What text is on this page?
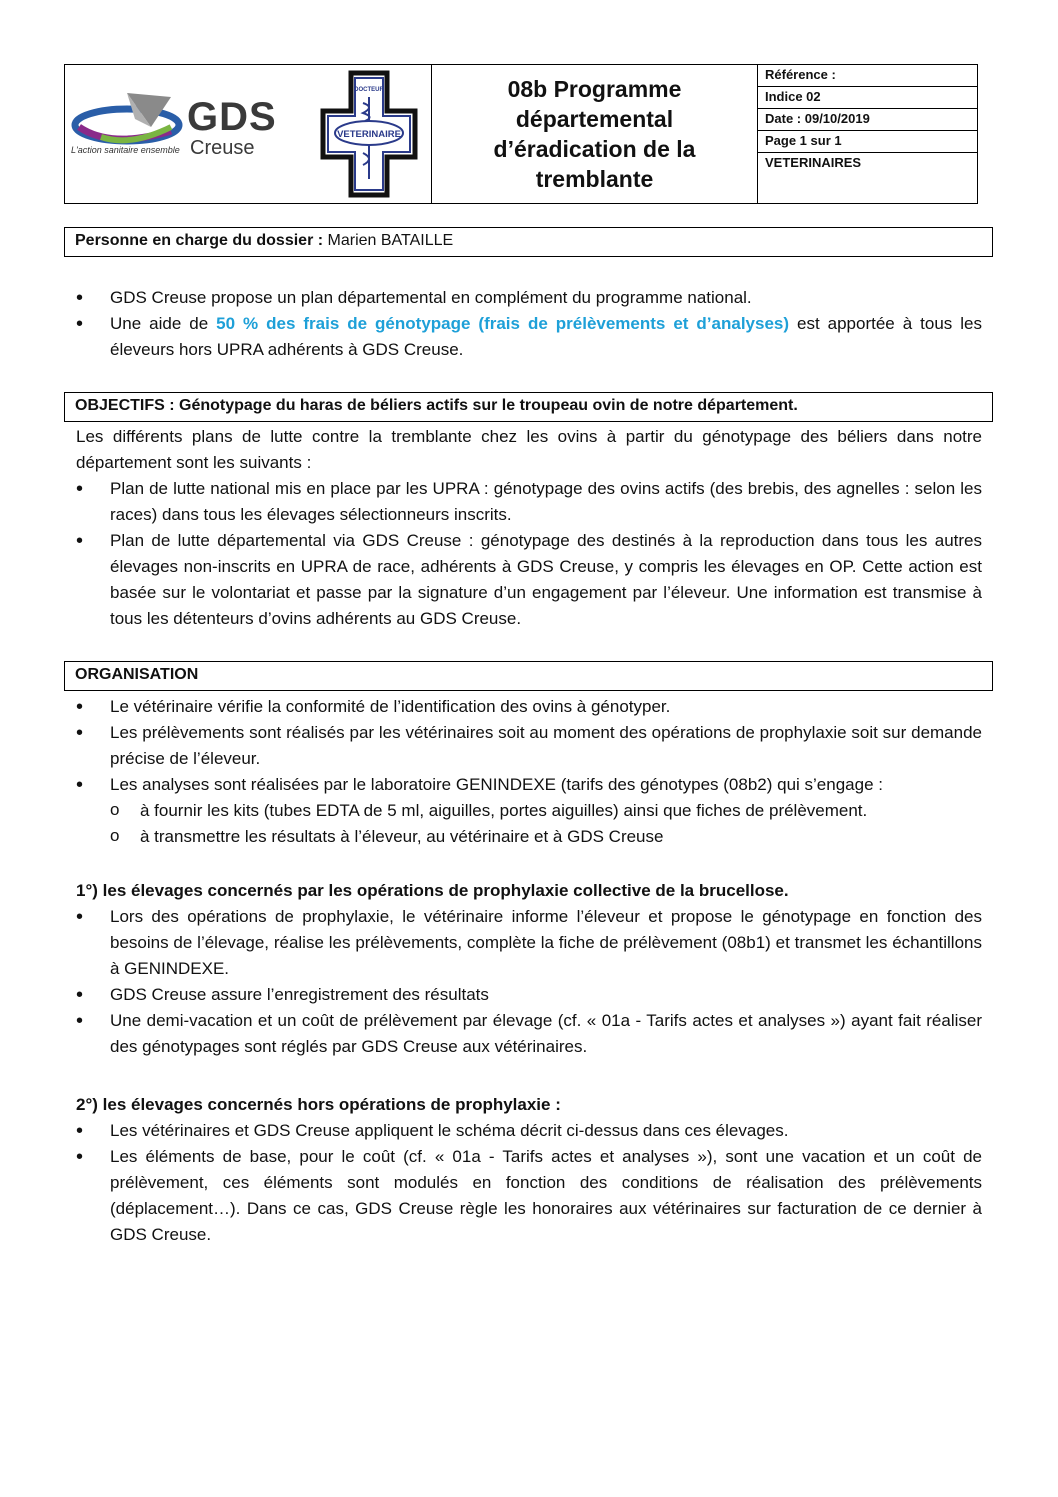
GDS
Creuse
L'action sanitaire ensemble
VETERINAIRE
DOCTEUR	08b Programme
départemental
d’éradication de la
tremblante
Référence :
Indice 02
Date : 09/10/2019
Page 1 sur 1
VETERINAIRES
Personne en charge du dossier : Marien BATAILLE
• GDS Creuse propose un plan départemental en complément du programme national.
• Une aide de 50 % des frais de génotypage (frais de prélèvements et d’analyses) est apportée à tous les éleveurs hors UPRA adhérents à GDS Creuse.
OBJECTIFS : Génotypage du haras de béliers actifs sur le troupeau ovin de notre département.

Les différents plans de lutte contre la tremblante chez les ovins à partir du génotypage des béliers dans notre département sont les suivants :

• Plan de lutte national mis en place par les UPRA : génotypage des ovins actifs (des brebis, des agnelles : selon les races) dans tous les élevages sélectionneurs inscrits.
• Plan de lutte départemental via GDS Creuse : génotypage des destinés à la reproduction dans tous les autres élevages non-inscrits en UPRA de race, adhérents à GDS Creuse, y compris les élevages en OP. Cette action est basée sur le volontariat et passe par la signature d’un engagement par l’éleveur. Une information est transmise à tous les détenteurs d’ovins adhérents au GDS Creuse.
ORGANISATION
• Le vétérinaire vérifie la conformité de l’identification des ovins à génotyper.
• Les prélèvements sont réalisés par les vétérinaires soit au moment des opérations de prophylaxie soit sur demande précise de l’éleveur.
• Les analyses sont réalisées par le laboratoire GENINDEXE (tarifs des génotypes (08b2) qui s’engage :
o à fournir les kits (tubes EDTA de 5 ml, aiguilles, portes aiguilles) ainsi que fiches de prélèvement.
o à transmettre les résultats à l’éleveur, au vétérinaire et à GDS Creuse

1°) les élevages concernés par les opérations de prophylaxie collective de la brucellose.

• Lors des opérations de prophylaxie, le vétérinaire informe l’éleveur et propose le génotypage en fonction des besoins de l’élevage, réalise les prélèvements, complète la fiche de prélèvement (08b1) et transmet les échantillons à GENINDEXE.
• GDS Creuse assure l’enregistrement des résultats
• Une demi-vacation et un coût de prélèvement par élevage (cf. « 01a - Tarifs actes et analyses ») ayant fait réaliser des génotypages sont réglés par GDS Creuse aux vétérinaires.

2°) les élevages concernés hors opérations de prophylaxie :

• Les vétérinaires et GDS Creuse appliquent le schéma décrit ci-dessus dans ces élevages.
• Les éléments de base, pour le coût (cf. « 01a - Tarifs actes et analyses »), sont une vacation et un coût de prélèvement, ces éléments sont modulés en fonction des conditions de réalisation des prélèvements (déplacement…). Dans ce cas, GDS Creuse règle les honoraires aux vétérinaires sur facturation de ce dernier à GDS Creuse.
